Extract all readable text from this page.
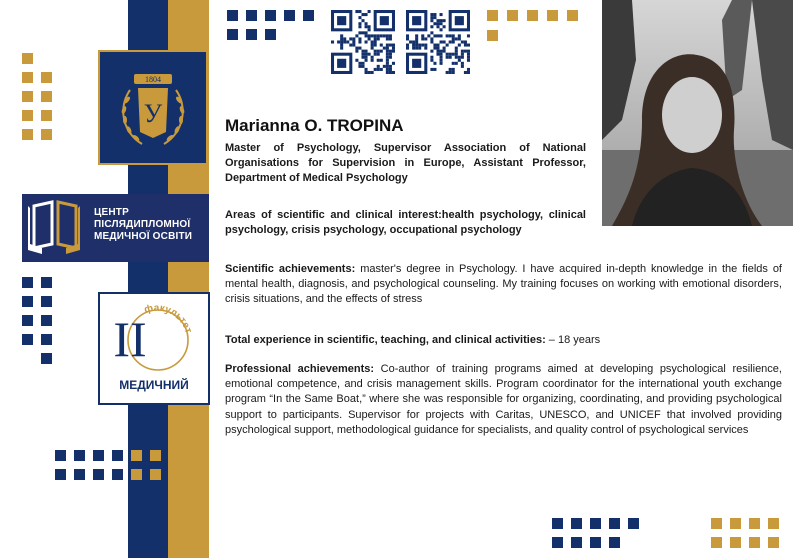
1804
У
ЦЕНТР
ПІСЛЯДИПЛОМНОЇ
МЕДИЧНОЇ ОСВІТИ
факультет
II
МЕДИЧНИЙ
Marianna O. TROPINA
Master of Psychology, Supervisor Association of National Organisations for Supervision in Europe, Assistant Professor, Department of Medical Psychology
Areas of scientific and clinical interest:health psychology, clinical psychology, crisis psychology, occupational psychology
Scientific achievements: master's degree in Psychology. I have acquired in-depth knowledge in the fields of mental health, diagnosis, and psychological counseling. My training focuses on working with emotional disorders, crisis situations, and the effects of stress
Total experience in scientific, teaching, and clinical activities: – 18 years
Professional achievements: Co-author of training programs aimed at developing psychological resilience, emotional competence, and crisis management skills. Program coordinator for the international youth exchange program “In the Same Boat,” where she was responsible for organizing, coordinating, and providing psychological support to participants. Supervisor for projects with Caritas, UNESCO, and UNICEF that involved providing psychological support, methodological guidance for specialists, and quality control of psychological services
